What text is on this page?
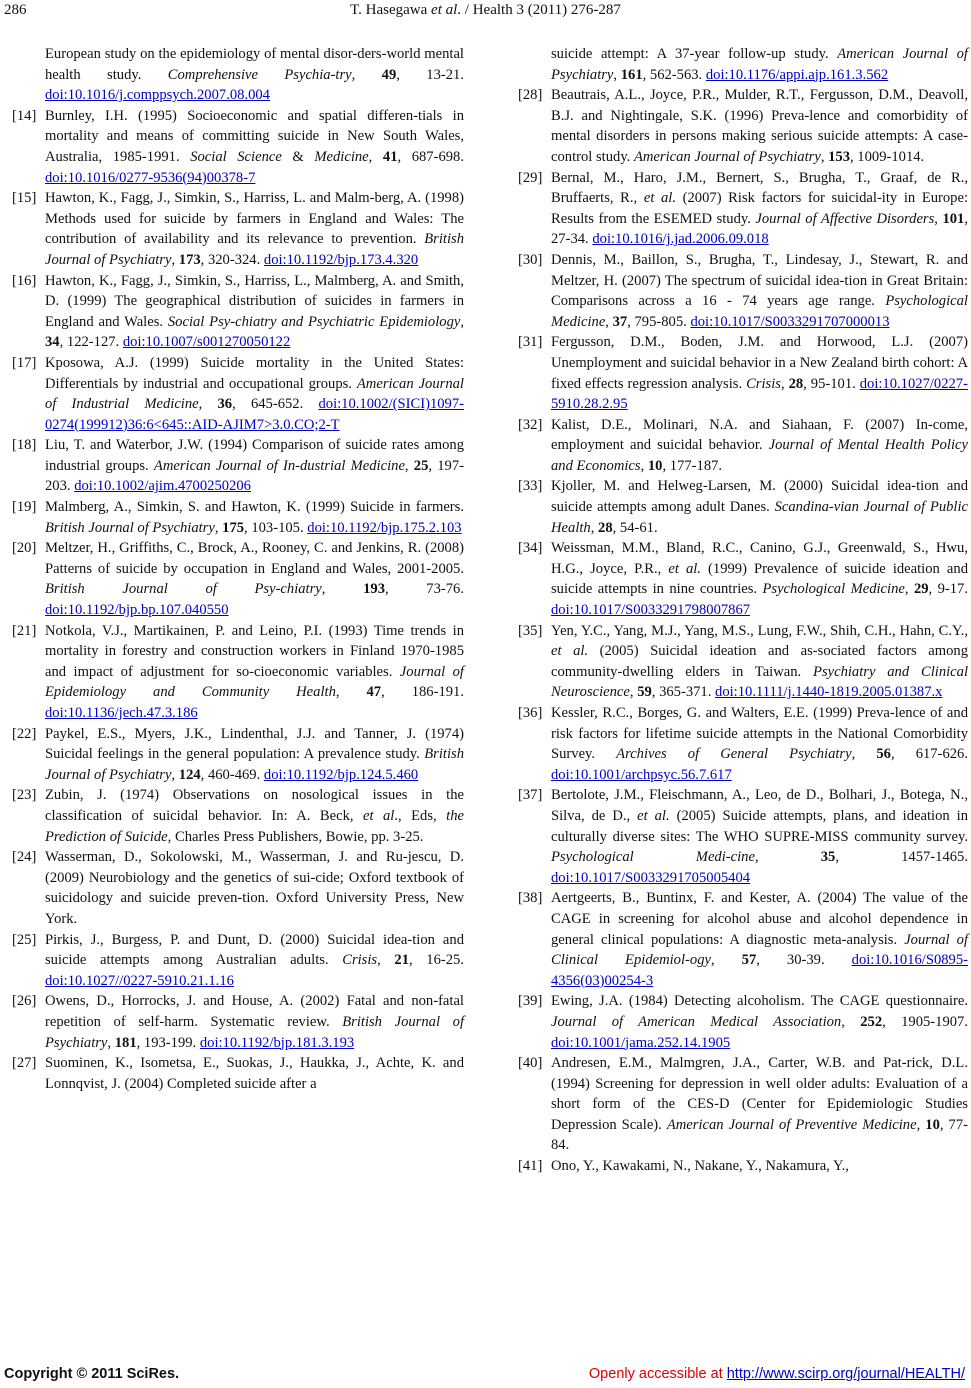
286	T. Hasegawa et al. / Health 3 (2011) 276-287
European study on the epidemiology of mental disor-ders-world mental health study. Comprehensive Psychia-try, 49, 13-21. doi:10.1016/j.comppsych.2007.08.004
[14] Burnley, I.H. (1995) Socioeconomic and spatial differen-tials in mortality and means of committing suicide in New South Wales, Australia, 1985-1991. Social Science & Medicine, 41, 687-698. doi:10.1016/0277-9536(94)00378-7
[15] Hawton, K., Fagg, J., Simkin, S., Harriss, L. and Malm-berg, A. (1998) Methods used for suicide by farmers in England and Wales: The contribution of availability and its relevance to prevention. British Journal of Psychiatry, 173, 320-324. doi:10.1192/bjp.173.4.320
[16] Hawton, K., Fagg, J., Simkin, S., Harriss, L., Malmberg, A. and Smith, D. (1999) The geographical distribution of suicides in farmers in England and Wales. Social Psy-chiatry and Psychiatric Epidemiology, 34, 122-127. doi:10.1007/s001270050122
[17] Kposowa, A.J. (1999) Suicide mortality in the United States: Differentials by industrial and occupational groups. American Journal of Industrial Medicine, 36, 645-652. doi:10.1002/(SICI)1097-0274(199912)36:6<645::AID-AJIM7>3.0.CO;2-T
[18] Liu, T. and Waterbor, J.W. (1994) Comparison of suicide rates among industrial groups. American Journal of In-dustrial Medicine, 25, 197-203. doi:10.1002/ajim.4700250206
[19] Malmberg, A., Simkin, S. and Hawton, K. (1999) Suicide in farmers. British Journal of Psychiatry, 175, 103-105. doi:10.1192/bjp.175.2.103
[20] Meltzer, H., Griffiths, C., Brock, A., Rooney, C. and Jenkins, R. (2008) Patterns of suicide by occupation in England and Wales, 2001-2005. British Journal of Psy-chiatry, 193, 73-76. doi:10.1192/bjp.bp.107.040550
[21] Notkola, V.J., Martikainen, P. and Leino, P.I. (1993) Time trends in mortality in forestry and construction workers in Finland 1970-1985 and impact of adjustment for so-cioeconomic variables. Journal of Epidemiology and Community Health, 47, 186-191. doi:10.1136/jech.47.3.186
[22] Paykel, E.S., Myers, J.K., Lindenthal, J.J. and Tanner, J. (1974) Suicidal feelings in the general population: A prevalence study. British Journal of Psychiatry, 124, 460-469. doi:10.1192/bjp.124.5.460
[23] Zubin, J. (1974) Observations on nosological issues in the classification of suicidal behavior. In: A. Beck, et al., Eds, the Prediction of Suicide, Charles Press Publishers, Bowie, pp. 3-25.
[24] Wasserman, D., Sokolowski, M., Wasserman, J. and Ru-jescu, D. (2009) Neurobiology and the genetics of sui-cide; Oxford textbook of suicidology and suicide preven-tion. Oxford University Press, New York.
[25] Pirkis, J., Burgess, P. and Dunt, D. (2000) Suicidal idea-tion and suicide attempts among Australian adults. Crisis, 21, 16-25. doi:10.1027//0227-5910.21.1.16
[26] Owens, D., Horrocks, J. and House, A. (2002) Fatal and non-fatal repetition of self-harm. Systematic review. British Journal of Psychiatry, 181, 193-199. doi:10.1192/bjp.181.3.193
[27] Suominen, K., Isometsa, E., Suokas, J., Haukka, J., Achte, K. and Lonnqvist, J. (2004) Completed suicide after a
suicide attempt: A 37-year follow-up study. American Journal of Psychiatry, 161, 562-563. doi:10.1176/appi.ajp.161.3.562
[28] Beautrais, A.L., Joyce, P.R., Mulder, R.T., Fergusson, D.M., Deavoll, B.J. and Nightingale, S.K. (1996) Preva-lence and comorbidity of mental disorders in persons making serious suicide attempts: A case-control study. American Journal of Psychiatry, 153, 1009-1014.
[29] Bernal, M., Haro, J.M., Bernert, S., Brugha, T., Graaf, de R., Bruffaerts, R., et al. (2007) Risk factors for suicidal-ity in Europe: Results from the ESEMED study. Journal of Affective Disorders, 101, 27-34. doi:10.1016/j.jad.2006.09.018
[30] Dennis, M., Baillon, S., Brugha, T., Lindesay, J., Stewart, R. and Meltzer, H. (2007) The spectrum of suicidal idea-tion in Great Britain: Comparisons across a 16 - 74 years age range. Psychological Medicine, 37, 795-805. doi:10.1017/S0033291707000013
[31] Fergusson, D.M., Boden, J.M. and Horwood, L.J. (2007) Unemployment and suicidal behavior in a New Zealand birth cohort: A fixed effects regression analysis. Crisis, 28, 95-101. doi:10.1027/0227-5910.28.2.95
[32] Kalist, D.E., Molinari, N.A. and Siahaan, F. (2007) In-come, employment and suicidal behavior. Journal of Mental Health Policy and Economics, 10, 177-187.
[33] Kjoller, M. and Helweg-Larsen, M. (2000) Suicidal idea-tion and suicide attempts among adult Danes. Scandina-vian Journal of Public Health, 28, 54-61.
[34] Weissman, M.M., Bland, R.C., Canino, G.J., Greenwald, S., Hwu, H.G., Joyce, P.R., et al. (1999) Prevalence of suicide ideation and suicide attempts in nine countries. Psychological Medicine, 29, 9-17. doi:10.1017/S0033291798007867
[35] Yen, Y.C., Yang, M.J., Yang, M.S., Lung, F.W., Shih, C.H., Hahn, C.Y., et al. (2005) Suicidal ideation and as-sociated factors among community-dwelling elders in Taiwan. Psychiatry and Clinical Neuroscience, 59, 365-371. doi:10.1111/j.1440-1819.2005.01387.x
[36] Kessler, R.C., Borges, G. and Walters, E.E. (1999) Preva-lence of and risk factors for lifetime suicide attempts in the National Comorbidity Survey. Archives of General Psychiatry, 56, 617-626. doi:10.1001/archpsyc.56.7.617
[37] Bertolote, J.M., Fleischmann, A., Leo, de D., Bolhari, J., Botega, N., Silva, de D., et al. (2005) Suicide attempts, plans, and ideation in culturally diverse sites: The WHO SUPRE-MISS community survey. Psychological Medi-cine, 35, 1457-1465. doi:10.1017/S0033291705005404
[38] Aertgeerts, B., Buntinx, F. and Kester, A. (2004) The value of the CAGE in screening for alcohol abuse and alcohol dependence in general clinical populations: A diagnostic meta-analysis. Journal of Clinical Epidemiol-ogy, 57, 30-39. doi:10.1016/S0895-4356(03)00254-3
[39] Ewing, J.A. (1984) Detecting alcoholism. The CAGE questionnaire. Journal of American Medical Association, 252, 1905-1907. doi:10.1001/jama.252.14.1905
[40] Andresen, E.M., Malmgren, J.A., Carter, W.B. and Pat-rick, D.L. (1994) Screening for depression in well older adults: Evaluation of a short form of the CES-D (Center for Epidemiologic Studies Depression Scale). American Journal of Preventive Medicine, 10, 77-84.
[41] Ono, Y., Kawakami, N., Nakane, Y., Nakamura, Y.,
Copyright © 2011 SciRes.	Openly accessible at http://www.scirp.org/journal/HEALTH/
